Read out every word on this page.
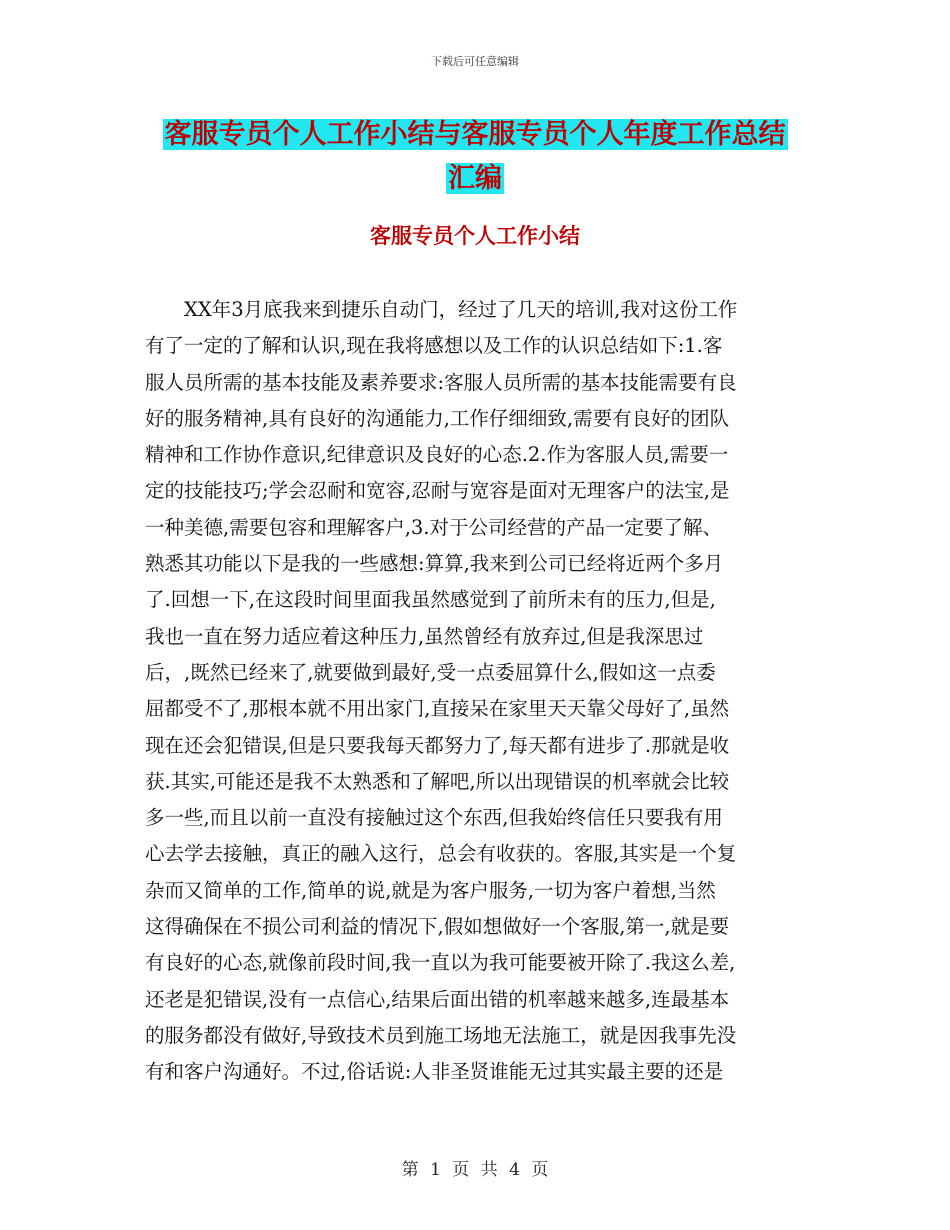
下载后可任意编辑
客服专员个人工作小结与客服专员个人年度工作总结
汇编
客服专员个人工作小结
　　XX年3月底我来到捷乐自动门，经过了几天的培训,我对这份工作
有了一定的了解和认识,现在我将感想以及工作的认识总结如下:1.客
服人员所需的基本技能及素养要求:客服人员所需的基本技能需要有良
好的服务精神,具有良好的沟通能力,工作仔细细致,需要有良好的团队
精神和工作协作意识,纪律意识及良好的心态.2.作为客服人员,需要一
定的技能技巧;学会忍耐和宽容,忍耐与宽容是面对无理客户的法宝,是
一种美德,需要包容和理解客户,3.对于公司经营的产品一定要了解、
熟悉其功能以下是我的一些感想:算算,我来到公司已经将近两个多月
了.回想一下,在这段时间里面我虽然感觉到了前所未有的压力,但是,
我也一直在努力适应着这种压力,虽然曾经有放弃过,但是我深思过
后，,既然已经来了,就要做到最好,受一点委屈算什么,假如这一点委
屈都受不了,那根本就不用出家门,直接呆在家里天天靠父母好了,虽然
现在还会犯错误,但是只要我每天都努力了,每天都有进步了.那就是收
获.其实,可能还是我不太熟悉和了解吧,所以出现错误的机率就会比较
多一些,而且以前一直没有接触过这个东西,但我始终信任只要我有用
心去学去接触，真正的融入这行，总会有收获的。客服,其实是一个复
杂而又简单的工作,简单的说,就是为客户服务,一切为客户着想,当然
这得确保在不损公司利益的情况下,假如想做好一个客服,第一,就是要
有良好的心态,就像前段时间,我一直以为我可能要被开除了.我这么差,
还老是犯错误,没有一点信心,结果后面出错的机率越来越多,连最基本
的服务都没有做好,导致技术员到施工场地无法施工，就是因我事先没
有和客户沟通好。不过,俗话说:人非圣贤谁能无过其实最主要的还是
第 1 页 共 4 页
